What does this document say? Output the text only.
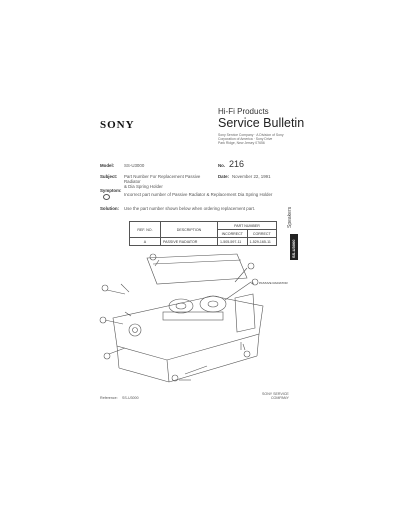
SONY
Hi-Fi Products
Service Bulletin
Sony Service Company · A Division of Sony
Corporation of America · Sony Drive
Park Ridge, New Jersey 07656
Model: SS-U3000	No. 216
Subject: Part Number For Replacement Passive Radiator
& Dia Spring Holder
Date: November 22, 1991
Symptom:
Incorrect part number of Passive Radiator & Replacement Dia Spring Holder
Solution: Use the part number shown below when ordering replacement part.
REF. NO.	DESCRIPTION	PART NUMBER	
		INCORRECT	CORRECT
A	PASSIVE RADIATOR	1-505-597-11	1-529-165-11
Speakers
SS-U3000
A PASSIVE RADIATOR
Reference: SS-U3000
SONY SERVICE
COMPANY
